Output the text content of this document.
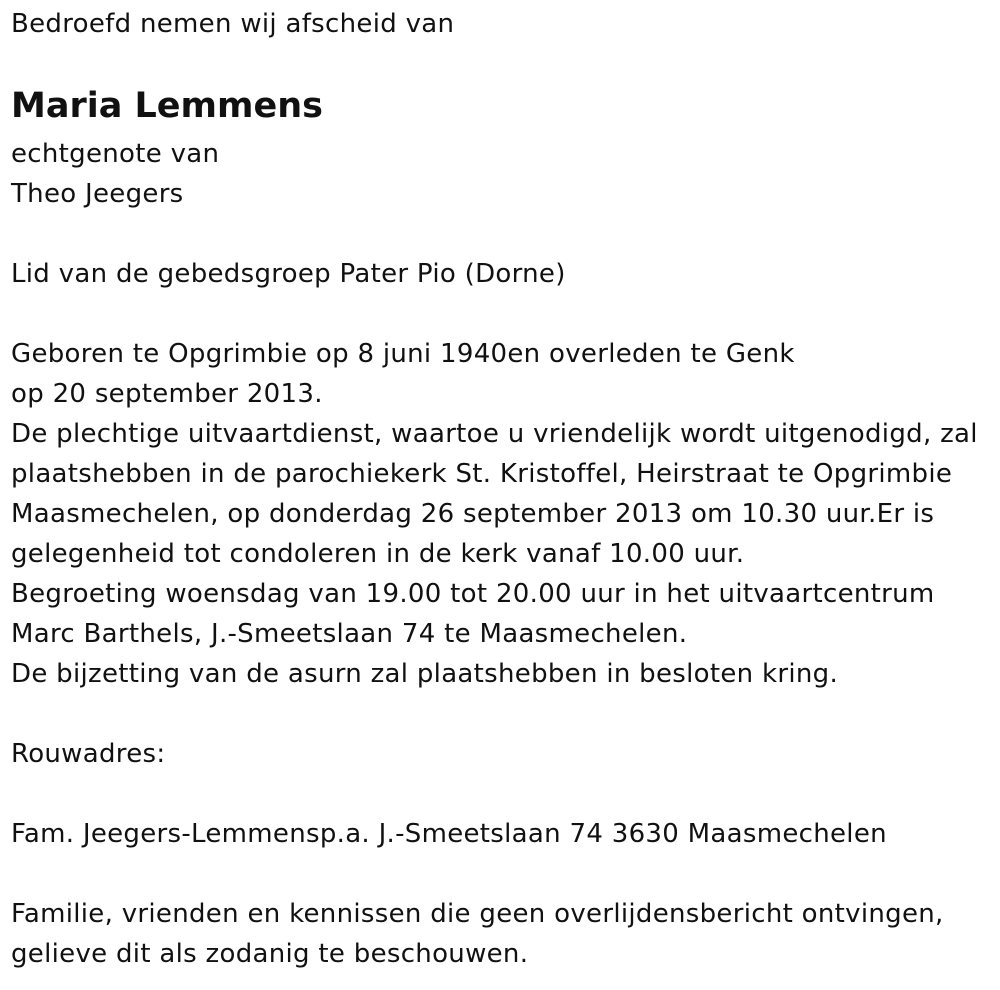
Bedroefd nemen wij afscheid van
Maria Lemmens
echtgenote van
Theo Jeegers
Lid van de gebedsgroep Pater Pio (Dorne)
Geboren te Opgrimbie op 8 juni 1940en overleden te Genk
op 20 september 2013.
De plechtige uitvaartdienst, waartoe u vriendelijk wordt uitgenodigd, zal
plaatshebben in de parochiekerk St. Kristoffel, Heirstraat te Opgrimbie
Maasmechelen, op donderdag 26 september 2013 om 10.30 uur.Er is
gelegenheid tot condoleren in de kerk vanaf 10.00 uur.
Begroeting woensdag van 19.00 tot 20.00 uur in het uitvaartcentrum
Marc Barthels, J.-Smeetslaan 74 te Maasmechelen.
De bijzetting van de asurn zal plaatshebben in besloten kring.
Rouwadres:
Fam. Jeegers-Lemmensp.a. J.-Smeetslaan 74 3630 Maasmechelen
Familie, vrienden en kennissen die geen overlijdensbericht ontvingen,
gelieve dit als zodanig te beschouwen.
